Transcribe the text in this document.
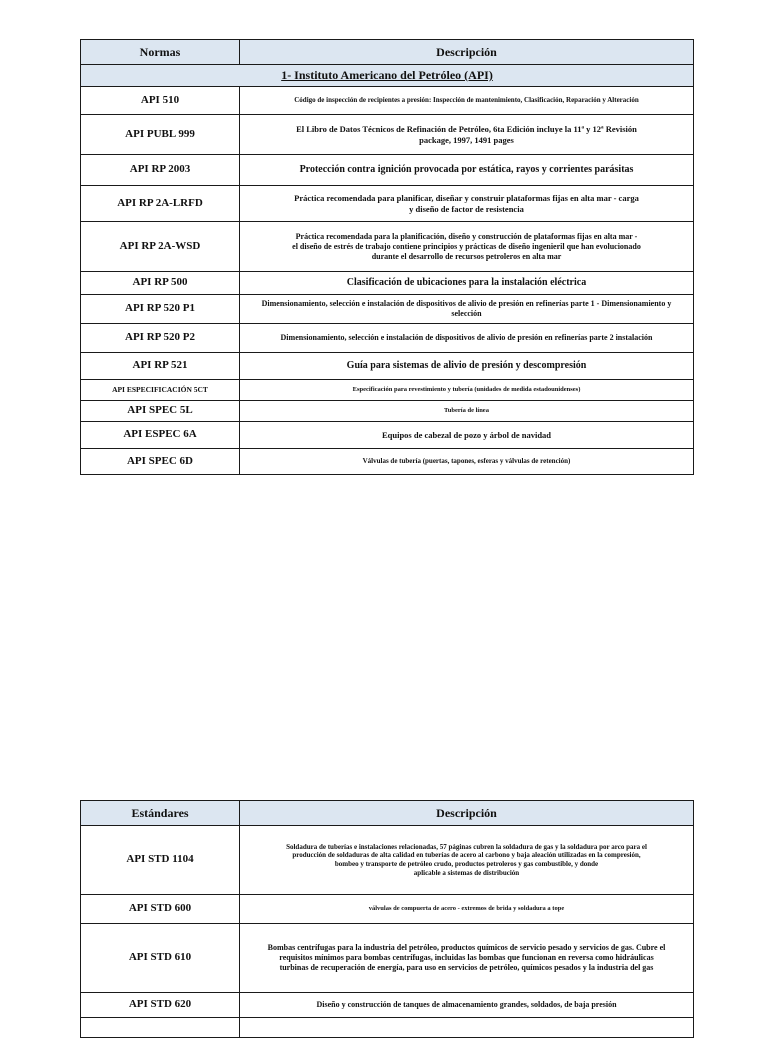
Normas	Descripción
1- Instituto Americano del Petróleo (API)	
API 510	Código de inspección de recipientes a presión: Inspección de mantenimiento, Clasificación, Reparación y Alteración
API PUBL 999	El Libro de Datos Técnicos de Refinación de Petróleo, 6ta Edición incluye la 11ª y 12ª Revisión
package, 1997, 1491 pages
API RP 2003	Protección contra ignición provocada por estática, rayos y corrientes parásitas
API RP 2A-LRFD	Práctica recomendada para planificar, diseñar y construir plataformas fijas en alta mar - carga
y diseño de factor de resistencia
API RP 2A-WSD	Práctica recomendada para la planificación, diseño y construcción de plataformas fijas en alta mar -
el diseño de estrés de trabajo contiene principios y prácticas de diseño ingenieril que han evolucionado
durante el desarrollo de recursos petroleros en alta mar
API RP 500	Clasificación de ubicaciones para la instalación eléctrica
API RP 520 P1	Dimensionamiento, selección e instalación de dispositivos de alivio de presión en refinerías parte 1 - Dimensionamiento y
selección
API RP 520 P2	Dimensionamiento, selección e instalación de dispositivos de alivio de presión en refinerías parte 2 instalación
API RP 521	Guía para sistemas de alivio de presión y descompresión
API ESPECIFICACIÓN 5CT	Especificación para revestimiento y tubería (unidades de medida estadounidenses)
API SPEC 5L	Tubería de línea
API ESPEC 6A	Equipos de cabezal de pozo y árbol de navidad
API SPEC 6D	Válvulas de tubería (puertas, tapones, esferas y válvulas de retención)
Estándares	Descripción
API STD 1104	Soldadura de tuberías e instalaciones relacionadas, 57 páginas cubren la soldadura de gas y la soldadura por arco para el
producción de soldaduras de alta calidad en tuberías de acero al carbono y baja aleación utilizadas en la compresión,
bombeo y transporte de petróleo crudo, productos petroleros y gas combustible, y donde
aplicable a sistemas de distribución
API STD 600	válvulas de compuerta de acero - extremos de brida y soldadura a tope
API STD 610	Bombas centrífugas para la industria del petróleo, productos químicos de servicio pesado y servicios de gas. Cubre el
requisitos mínimos para bombas centrífugas, incluidas las bombas que funcionan en reversa como hidráulicas
turbinas de recuperación de energía, para uso en servicios de petróleo, químicos pesados y la industria del gas
API STD 620	Diseño y construcción de tanques de almacenamiento grandes, soldados, de baja presión
